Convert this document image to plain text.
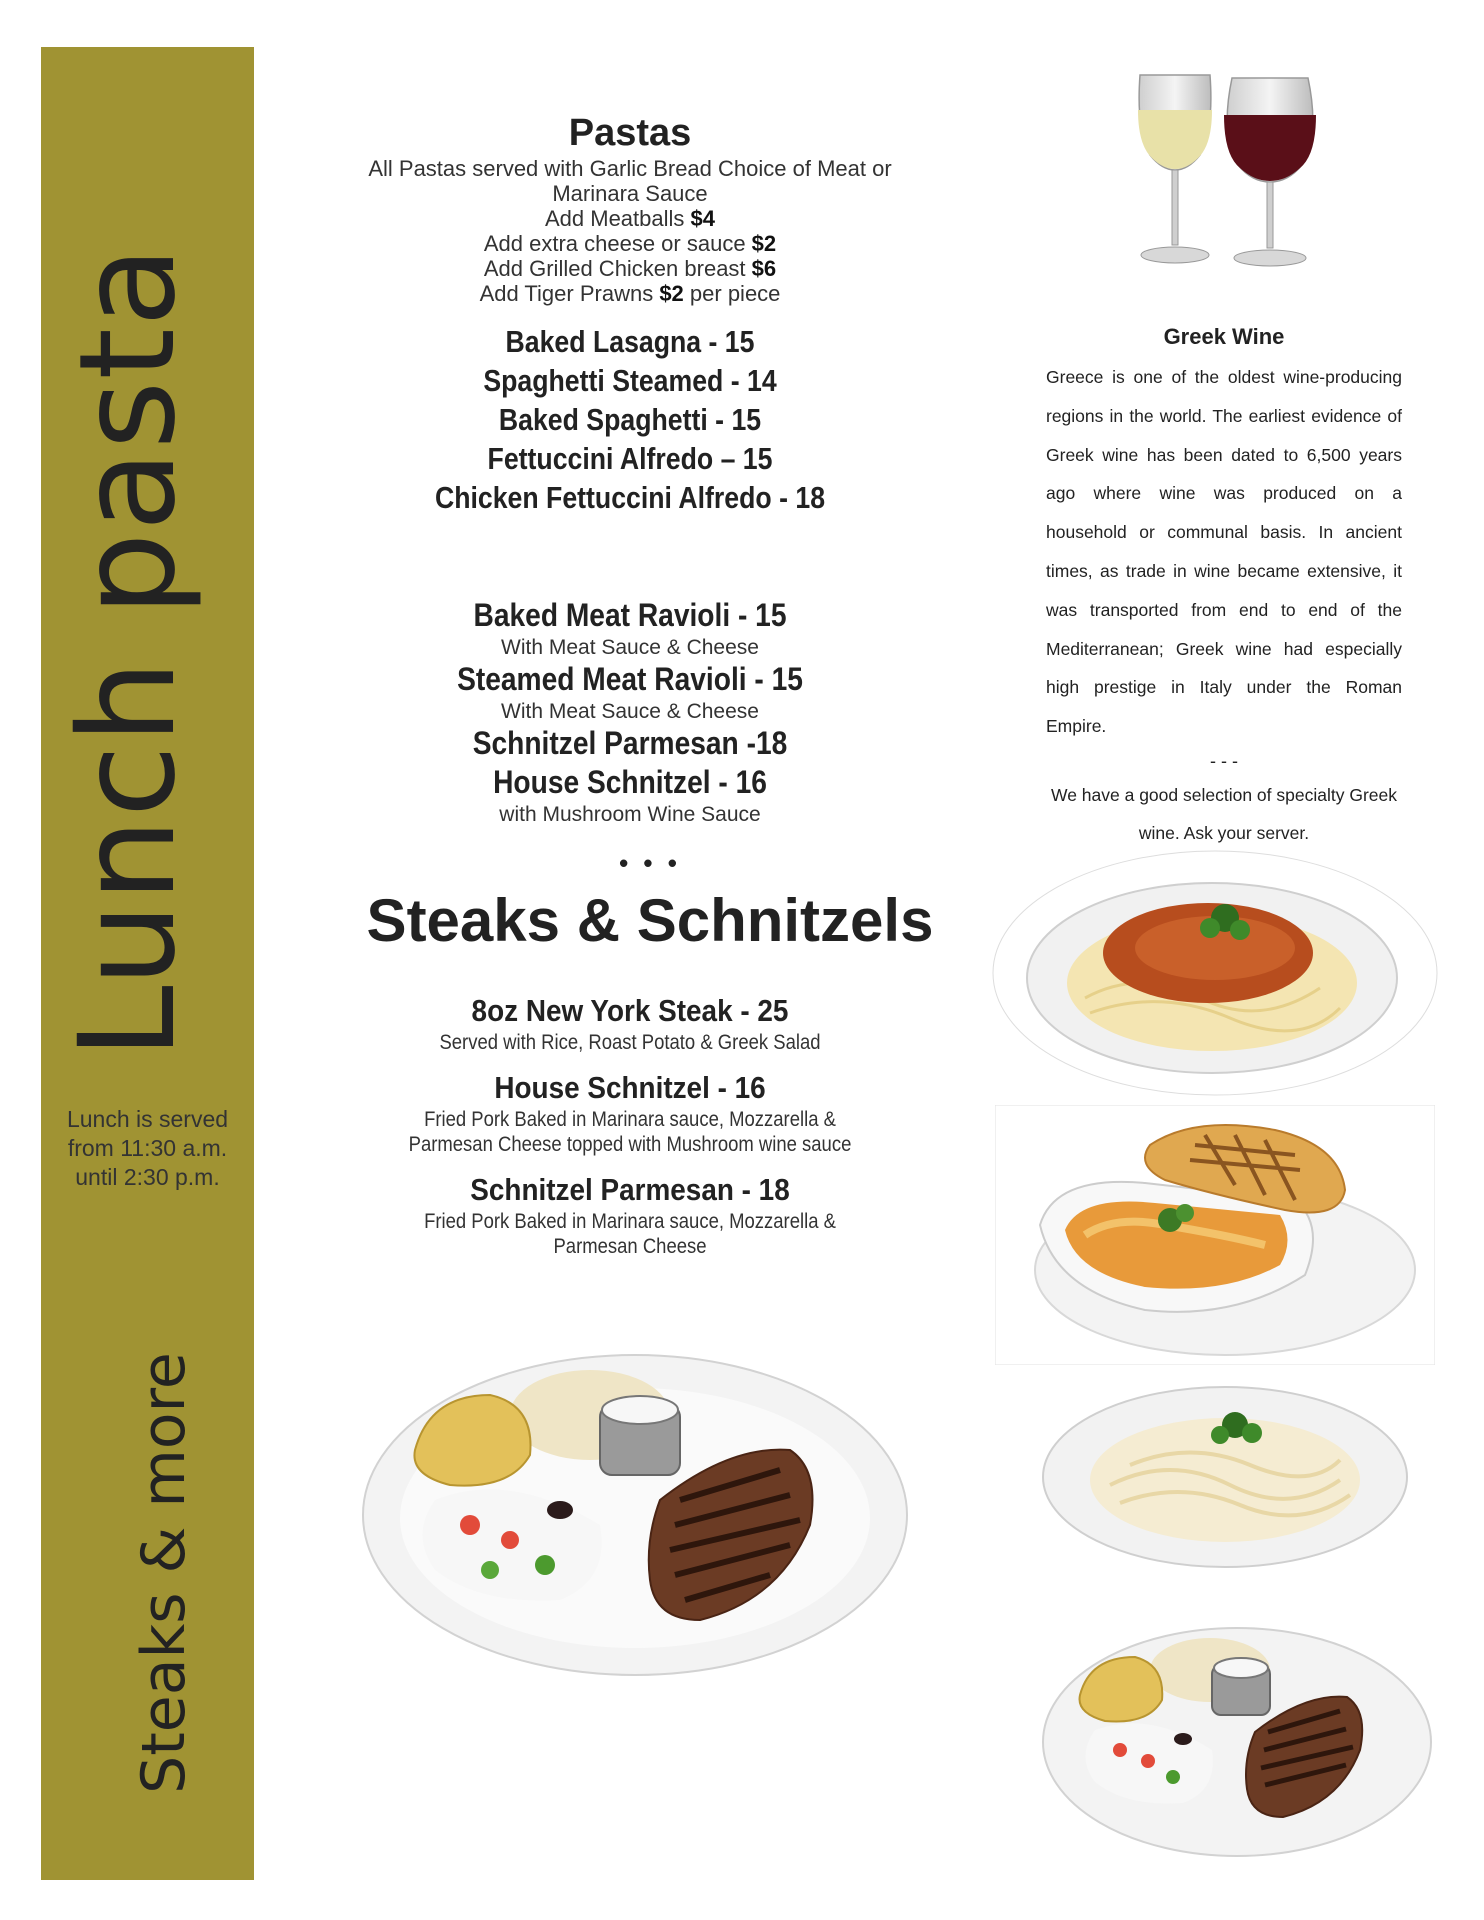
Lunch pasta
Lunch is served
from 11:30 a.m.
until 2:30 p.m.
Steaks & more
Pastas
All Pastas served with Garlic Bread Choice of Meat or
Marinara Sauce
Add Meatballs $4
Add extra cheese or sauce $2
Add Grilled Chicken breast $6
Add Tiger Prawns $2 per piece
Baked Lasagna - 15
Spaghetti Steamed - 14
Baked Spaghetti - 15
Fettuccini Alfredo – 15
Chicken Fettuccini Alfredo - 18
Baked Meat Ravioli - 15
With Meat Sauce & Cheese
Steamed Meat Ravioli - 15
With Meat Sauce & Cheese
Schnitzel Parmesan -18
House Schnitzel - 16
with Mushroom Wine Sauce
• • •
Steaks & Schnitzels
8oz New York Steak - 25
Served with Rice, Roast Potato & Greek Salad
House Schnitzel - 16
Fried Pork Baked in Marinara sauce, Mozzarella &
Parmesan Cheese topped with Mushroom wine sauce
Schnitzel Parmesan - 18
Fried Pork Baked in Marinara sauce, Mozzarella &
Parmesan Cheese
Greek Wine
Greece is one of the oldest wine-producing regions in the world. The earliest evidence of Greek wine has been dated to 6,500 years ago where wine was produced on a household or communal basis. In ancient times, as trade in wine became extensive, it was transported from end to end of the Mediterranean; Greek wine had especially high prestige in Italy under the Roman Empire.
- - -
We have a good selection of specialty Greek wine. Ask your server.
